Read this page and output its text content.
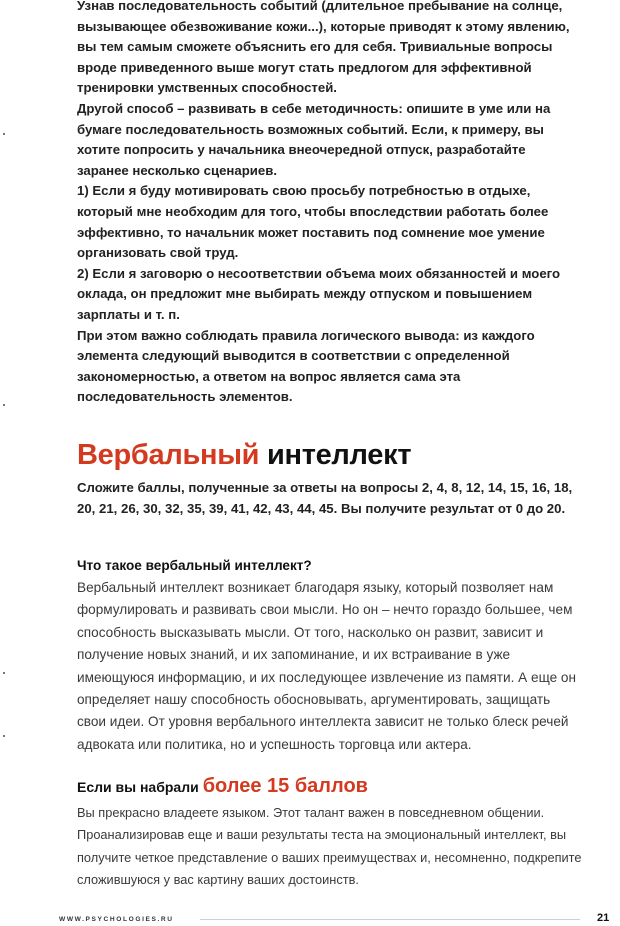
Узнав последовательность событий (длительное пребывание на солнце, вызывающее обезвоживание кожи...), которые приводят к этому явлению, вы тем самым сможете объяснить его для себя. Тривиальные вопросы вроде приведенного выше могут стать предлогом для эффективной тренировки умственных способностей.

Другой способ – развивать в себе методичность: опишите в уме или на бумаге последовательность возможных событий. Если, к примеру, вы хотите попросить у начальника внеочередной отпуск, разработайте заранее несколько сценариев.

1) Если я буду мотивировать свою просьбу потребностью в отдыхе, который мне необходим для того, чтобы впоследствии работать более эффективно, то начальник может поставить под сомнение мое умение организовать свой труд.

2) Если я заговорю о несоответствии объема моих обязанностей и моего оклада, он предложит мне выбирать между отпуском и повышением зарплаты и т. п.

При этом важно соблюдать правила логического вывода: из каждого элемента следующий выводится в соответствии с определенной закономерностью, а ответом на вопрос является сама эта последовательность элементов.

Вербальный интеллект

Сложите баллы, полученные за ответы на вопросы 2, 4, 8, 12, 14, 15, 16, 18, 20, 21, 26, 30, 32, 35, 39, 41, 42, 43, 44, 45. Вы получите результат от 0 до 20.

Что такое вербальный интеллект?

Вербальный интеллект возникает благодаря языку, который позволяет нам формулировать и развивать свои мысли. Но он – нечто гораздо большее, чем способность высказывать мысли. От того, насколько он развит, зависит и получение новых знаний, и их запоминание, и их встраивание в уже имеющуюся информацию, и их последующее извлечение из памяти. А еще он определяет нашу способность обосновывать, аргументировать, защищать свои идеи. От уровня вербального интеллекта зависит не только блеск речей адвоката или политика, но и успешность торговца или актера.

Если вы набрали более 15 баллов

Вы прекрасно владеете языком. Этот талант важен в повседневном общении. Проанализировав еще и ваши результаты теста на эмоциональный интеллект, вы получите четкое представление о ваших преимуществах и, несомненно, подкрепите сложившуюся у вас картину ваших достоинств.

WWW.PSYCHOLOGIES.RU	21
